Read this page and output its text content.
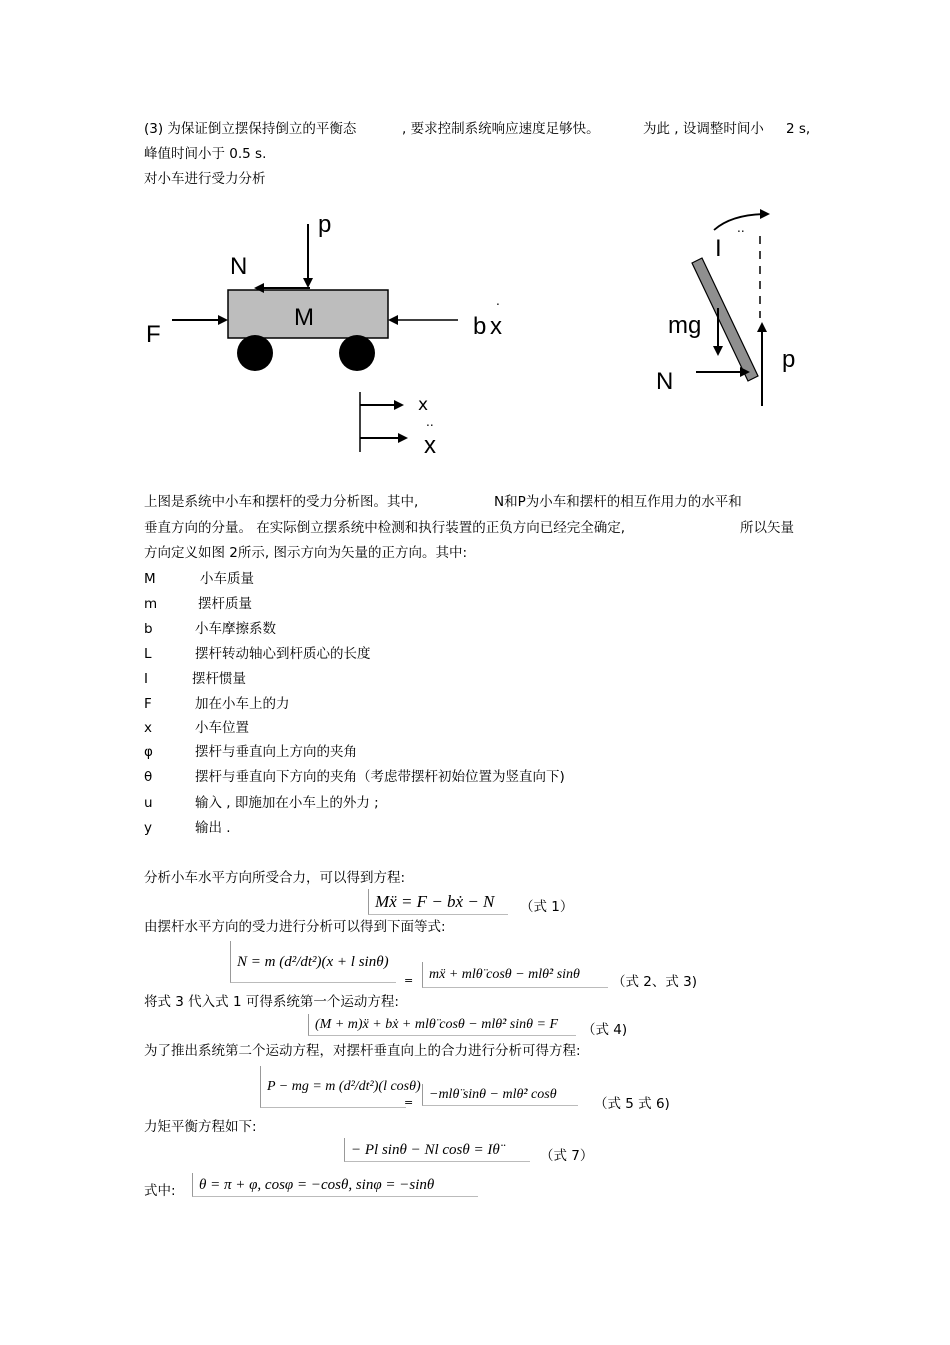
(3) 为保证倒立摆保持倒立的平衡态	, 要求控制系统响应速度足够快。	为此 , 设调整时间小 2 s,
峰值时间小于 0.5 s.
对小车进行受力分析
p
N
M
F	b x
.
x
..
x
..
I
mg
p
N
上图是系统中小车和摆杆的受力分析图。其中,	N和P为小车和摆杆的相互作用力的水平和
垂直方向的分量。 在实际倒立摆系统中检测和执行装置的正负方向已经完全确定,	所以矢量
方向定义如图 2所示, 图示方向为矢量的正方向。其中:
M	小车质量
m	摆杆质量
b	小车摩擦系数
L	摆杆转动轴心到杆质心的长度
I	摆杆惯量
F	加在小车上的力
x	小车位置
φ	摆杆与垂直向上方向的夹角
θ	摆杆与垂直向下方向的夹角（考虑带摆杆初始位置为竖直向下)
u	输入 , 即施加在小车上的外力 ;
y	输出 .
分析小车水平方向所受合力，可以得到方程:
Mẍ = F − bẋ − N	（式 1）
由摆杆水平方向的受力进行分析可以得到下面等式:
N = m (d²/dt²)(x + l sinθ)
=	mẍ + mlθ̈ cosθ − mlθ̇² sinθ	（式 2、式 3)
将式 3 代入式 1 可得系统第一个运动方程:
(M + m)ẍ + bẋ + mlθ̈ cosθ − mlθ̇² sinθ = F	（式 4)
为了推出系统第二个运动方程，对摆杆垂直向上的合力进行分析可得方程:
P − mg = m (d²/dt²)(l cosθ)
=
−mlθ̈ sinθ − mlθ̇² cosθ
（式 5 式 6)
力矩平衡方程如下:
− Pl sinθ − Nl cosθ = Iθ̈	（式 7）
式中:	θ = π + φ, cosφ = −cosθ, sinφ = −sinθ
